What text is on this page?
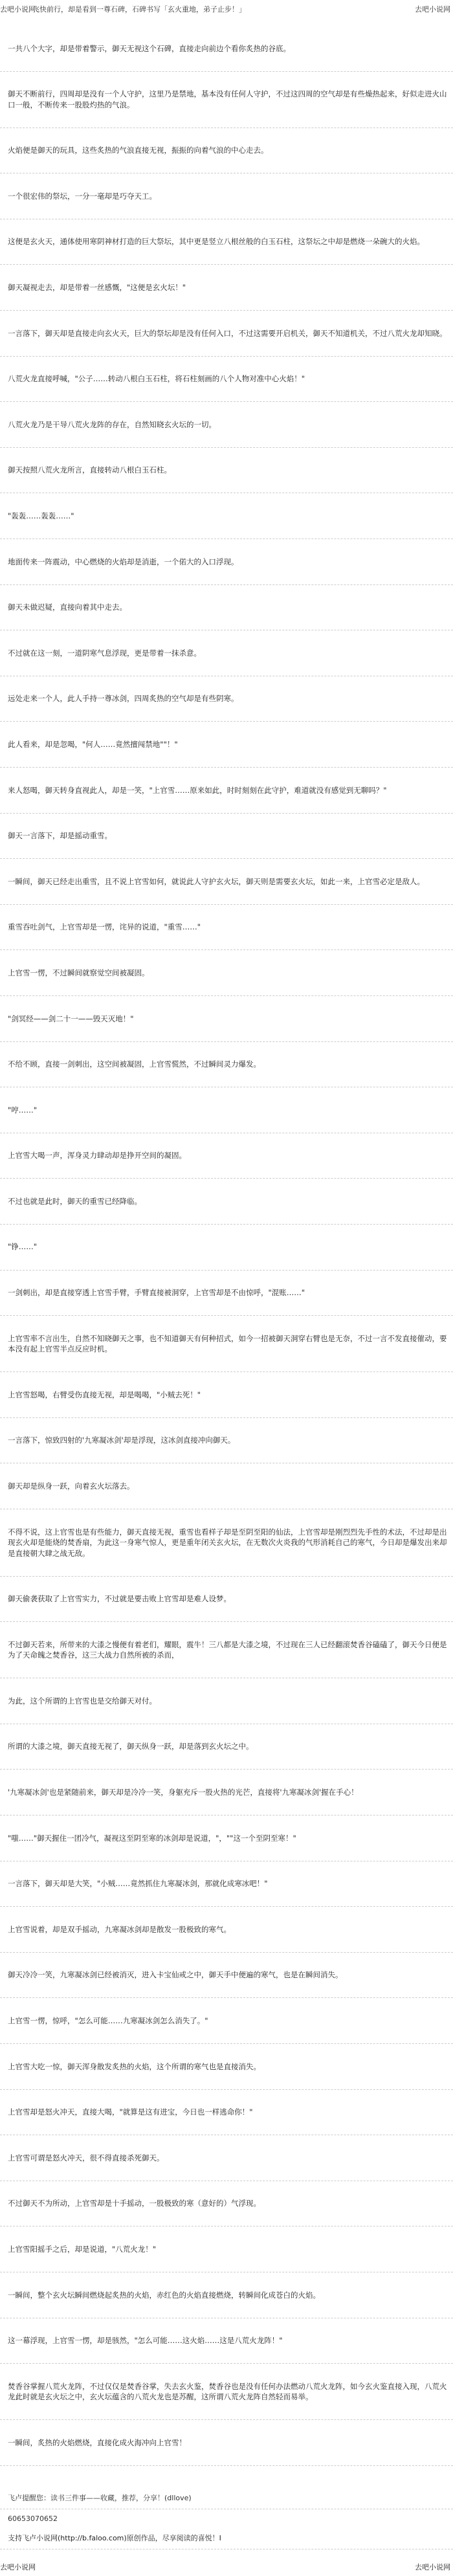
去吧小说网
飞快前行，却是看到一尊石碑，石碑书写「玄火重地，弟子止步！」	去吧小说网
一共八个大字，却是带着警示，御天无视这个石碑，直接走向前边个看你炙热的谷底。
御天不断前行，四周却是没有一个人守护，这里乃是禁地，基本没有任何人守护，不过这四周的空气却是有些燥热起来，好似走进火山口一般，不断传来一股股灼热的气浪。
火焰便是御天的玩具，这些炙热的气浪直接无视，振振的向着气浪的中心走去。
一个很宏伟的祭坛，一分一毫却是巧夺天工。
这便是玄火天，通体使用寒阴神材打造的巨大祭坛，其中更是竖立八根丝般的白玉石柱，这祭坛之中却是燃烧一朵碗大的火焰。
御天凝视走去，却是带着一丝感慨，"这便是玄火坛！"
一言落下，御天却是直接走向玄火天，巨大的祭坛却是没有任何入口，不过这需要开启机关，御天不知道机关，不过八荒火龙却知晓。
八荒火龙直接呼喊，"公子……转动八根白玉石柱，将石柱刻画的八个人物对准中心火焰！"
八荒火龙乃是干导八荒火龙阵的存在，自然知晓玄火坛的一切。
御天按照八荒火龙所言，直接转动八根白玉石柱。
"轰轰……轰轰……"
地面传来一阵震动，中心燃烧的火焰却是消逝，一个偌大的入口浮现。
御天未做迟疑，直接向着其中走去。
不过就在这一刻，一道阴寒气息浮现，更是带着一抹杀意。
远处走来一个人，此人手持一尊冰剑，四周炙热的空气却是有些阴寒。
此人看来，却是忽喝，"何人……竟然擅闯禁地""！"
来人怒喝，御天转身直视此人，却是一笑，"上官雪……原来如此，时时刻刻在此守护，难道就没有感觉到无聊吗？"
御天一言落下，却是摇动重雪。
一瞬间，御天已经走出重雪，且不说上官雪如何，就说此人守护玄火坛，御天则是需要玄火坛，如此一来，上官雪必定是敌人。
重雪吞吐剑气，上官雪却是一愣，诧异的说道，"重雪……"
上官雪一愣，不过瞬间就察觉空间被凝固。
"剑冥经——剑二十一——毁天灭地！"
不给不顾，直接一剑刺出，这空间被凝固，上官雪慌然，不过瞬间灵力爆发。
"哼……"
上官雪大喝一声，浑身灵力肆动却是挣开空间的凝固。
不过也就是此时，御天的重雪已经降临。
"铮……"
一剑刺出，却是直接穿透上官雪手臂，手臂直接被洞穿，上官雪却是不由惊呼，"混账……"
上官雪率不言出生，自然不知晓御天之事，也不知道御天有何种招式，如今一招被御天洞穿右臂也是无奈，不过一言不发直接催动，要本没有起上官雪半点反应时机。
上官雪怒喝，右臂受伤直接无视，却是喝喝，"小贼去死！"
一言落下，惊致四射的'九寒凝冰剑'却是浮现，这冰剑直接冲向御天。
御天却是纵身一跃，向着玄火坛落去。
不得不说，这上官雪也是有些能力，御天直接无视，重雪也看样子却是至阴至阳的仙法，上官雪却是刚烈烈先手性的术法，不过却是出现玄火却是能烧的焚香扇，为此这一身寒气惊人，更是重年闭关玄火坛，在无数次火炎我的气形消耗自己的寒气，今日却是爆发出来却是直接朝大肆之战无敌。
御天偷袭获取了上官雪实力，不过就是要击败上官雪却是难人设梦。
不过御天若来，所带来的大漆之慢便有着老们，耀眼，震牛！三八都是大漆之境，不过现在三人已经翻滚焚香谷磕磕了，御天今日便是为了天命魄之焚香谷，这三大战力自然所被的杀而，
为此，这个所谓的上官雪也是交给御天对付。
所谓的大漆之境，御天直接无视了，御天纵身一跃，却是落到玄火坛之中。
'九寒凝冰剑'也是紧随前来，御天却是冷冷一笑，身躯充斥一股火热的光芒，直接将'九寒凝冰剑'握在手心！
"嗤……"御天握住一团冷气，凝视这至阴至寒的冰剑却是说道，"，""这一个至阴至寒！"
一言落下，御天却是大笑，"小贼……竟然抓住九寒凝冰剑，那就化成寒冰吧！"
上官雪说着，却是双手摇动，九寒凝冰剑却是散发一股极致的寒气。
御天冷冷一笑，九寒凝冰剑已经被消灭，进入卡宝仙戒之中，御天手中便遍的寒气，也是在瞬间消失。
上官雪一愣，惊呼，"怎么可能……九寒凝冰剑怎么消失了。"
上官雪大吃一惊，御天浑身散发炙热的火焰，这个所谓的寒气也是直接消失。
上官雪却是怒火冲天，直接大喝，"就算是这有进宝，今日也一样逃命你！"
上官雪可谓是怒火冲天，很不得直接杀死御天。
不过御天不为所动，上官雪却是十手摇动，一股极致的寒（意好的）气浮现。
上官雪阳摇手之后，却是说道，"八荒火龙！"
一瞬间，整个玄火坛瞬间燃烧起炙热的火焰，赤红色的火焰直接燃烧，转瞬间化成苍白的火焰。
这一幕浮现，上官雪一愣，却是骇然，"怎么可能……这火焰……这是八荒火龙阵！"
焚香谷掌握八荒火龙阵，不过仅仅是焚香谷掌，失去玄火鉴，焚香谷也是没有任何办法燃动八荒火龙阵，如今玄火鉴直接入现，八荒火龙此时就是玄火坛之中，玄火坛蕴含的八荒火龙也是苏醒，这所谓八荒火龙阵自然轻而易举。
一瞬间，炙热的火焰燃烧，直接化成火海冲向上官雪！
飞卢提醒您：读书三件事——收藏，推荐，分享！(dllove)
60653070652
支持飞卢小说网(http://b.faloo.com)原创作品，尽享阅读的喜悦！I
去吧小说网	去吧小说网
